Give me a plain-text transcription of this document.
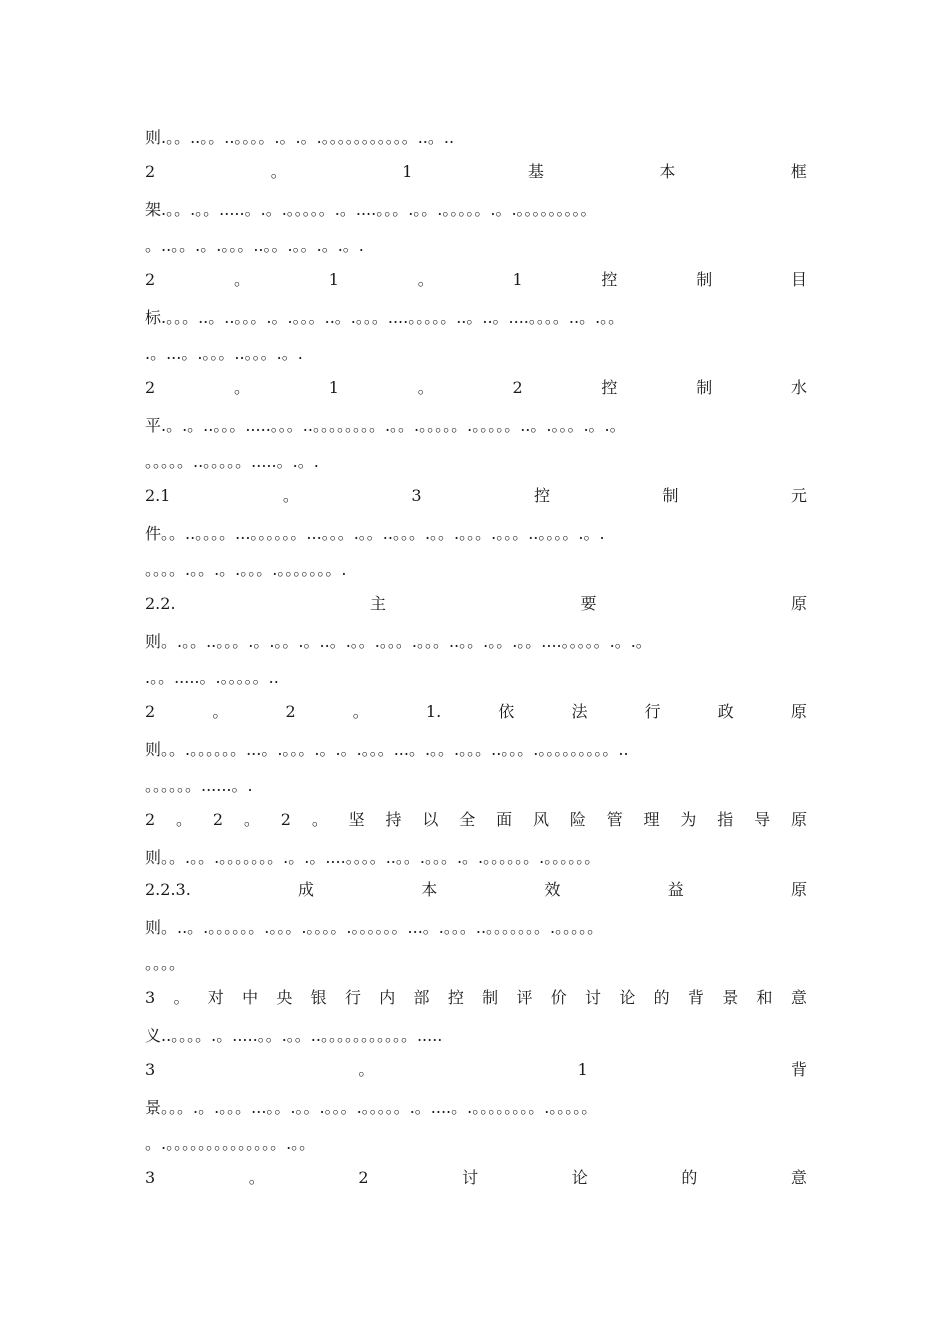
则.。。..。。..。。。。.。.。.。。。。。。。。。。。..。..
2	。	1	基	本	框
架.。。.。。.....。.。.。。。。。.。....。。。.。。.。。。。。.。.。。。。。。。。。
。..。。.。.。。。..。。.。。.。.。.
2	。	1	。	1	控	制	目
标.。。。..。..。。。.。.。。。..。.。。。....。。。。。..。..。....。。。。..。.。。
.。...。.。。。..。。。.。.
2	。	1	。	2	控	制	水
平.。.。..。。。.....。。。..。。。。。。。。.。。.。。。。。.。。。。。..。.。。。.。.。
。。。。。..。。。。。.....。.。.
2.1	。	3	控	制	元
件。。..。。。。...。。。。。。...。。。.。。..。。。.。。.。。。.。。。..。。。。.。.
。。。。.。。.。.。。。.。。。。。。。.
2.2.	主	要	原
则。.。。..。。。.。.。。.。..。.。。.。。。.。。。..。。.。。.。。....。。。。。.。.。
.。。.....。.。。。。。..
2	。	2	。	1.	依	法	行	政	原
则。。.。。。。。。...。.。。。.。.。.。。。...。.。。.。。。..。。。.。。。。。。。。。..
。。。。。。......。.
2 。 2 。 2 。 坚 持 以 全 面 风 险 管 理 为 指 导 原
则。。.。。.。。。。。。。.。.。....。。。。..。。.。。。.。.。。。。。。.。。。。。。
2.2.3.	成	本	效	益	原
则。..。.。。。。。。.。。。.。。。。.。。。。。。...。.。。。..。。。。。。。.。。。。。
。。。。
3 。 对 中 央 银 行 内 部 控 制 评 价 讨 论 的 背 景 和 意
义..。。。。.。.....。。.。。..。。。。。。。。。。。.....
3	。	1	背
景。。。.。.。。。...。。.。。.。。。.。。。。。.。....。.。。。。。。。。.。。。。。
。.。。。。。。。。。。。。。。.。。
3	。	2	讨	论	的	意
